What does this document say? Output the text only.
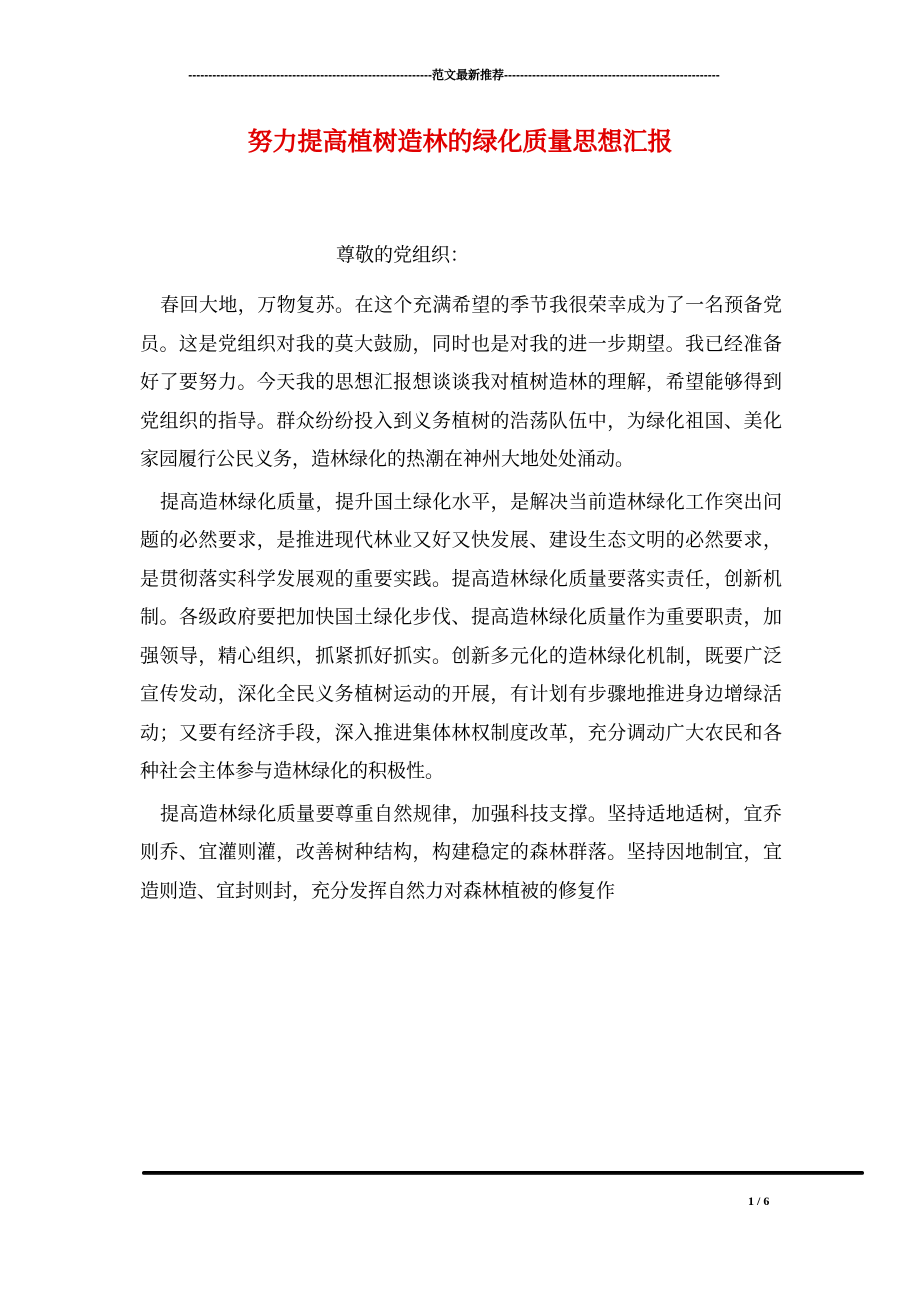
-------------------------------------------------------------范文最新推荐------------------------------------------------------
努力提高植树造林的绿化质量思想汇报

尊敬的党组织：

春回大地，万物复苏。在这个充满希望的季节我很荣幸成为了一名预备党员。这是党组织对我的莫大鼓励，同时也是对我的进一步期望。我已经准备好了要努力。今天我的思想汇报想谈谈我对植树造林的理解，希望能够得到党组织的指导。群众纷纷投入到义务植树的浩荡队伍中，为绿化祖国、美化家园履行公民义务，造林绿化的热潮在神州大地处处涌动。

提高造林绿化质量，提升国土绿化水平，是解决当前造林绿化工作突出问题的必然要求，是推进现代林业又好又快发展、建设生态文明的必然要求，是贯彻落实科学发展观的重要实践。提高造林绿化质量要落实责任，创新机制。各级政府要把加快国土绿化步伐、提高造林绿化质量作为重要职责，加强领导，精心组织，抓紧抓好抓实。创新多元化的造林绿化机制，既要广泛宣传发动，深化全民义务植树运动的开展，有计划有步骤地推进身边增绿活动；又要有经济手段，深入推进集体林权制度改革，充分调动广大农民和各种社会主体参与造林绿化的积极性。

提高造林绿化质量要尊重自然规律，加强科技支撑。坚持适地适树，宜乔则乔、宜灌则灌，改善树种结构，构建稳定的森林群落。坚持因地制宜，宜造则造、宜封则封，充分发挥自然力对森林植被的修复作

1 / 6
